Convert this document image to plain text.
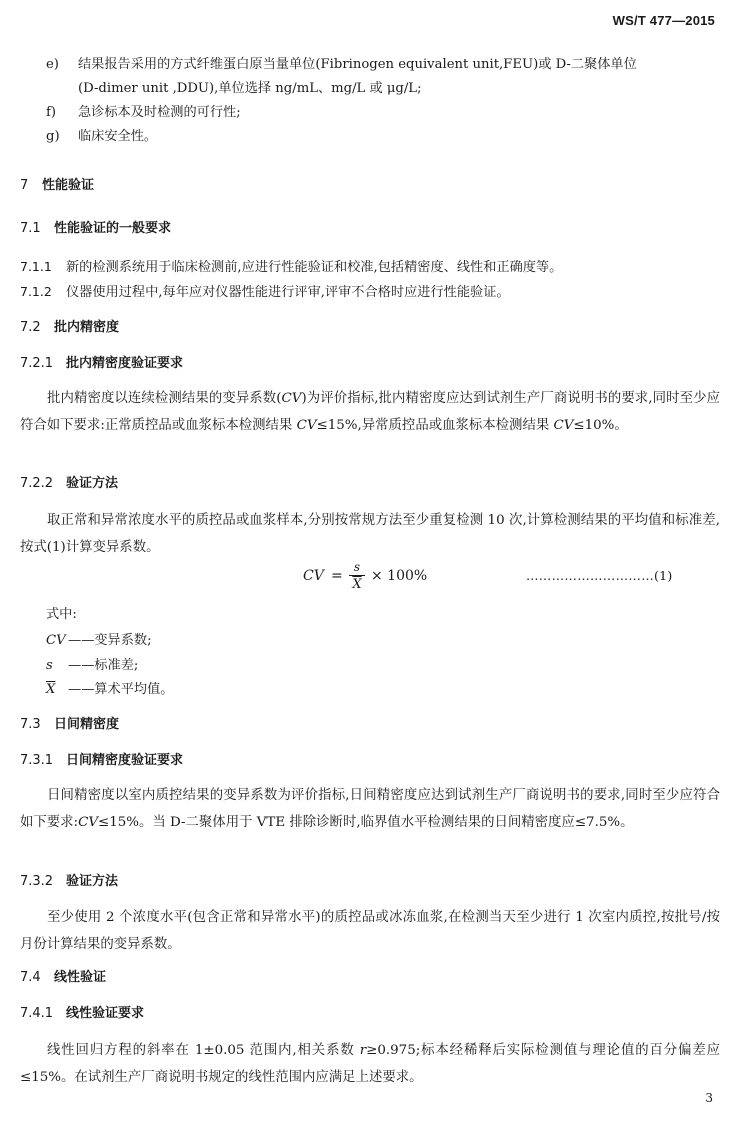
WS/T 477—2015
e) 结果报告采用的方式纤维蛋白原当量单位(Fibrinogen equivalent unit,FEU)或 D-二聚体单位
(D-dimer unit ,DDU),单位选择 ng/mL、mg/L 或 μg/L;
f) 急诊标本及时检测的可行性;
g) 临床安全性。
7 性能验证
7.1 性能验证的一般要求
7.1.1 新的检测系统用于临床检测前,应进行性能验证和校准,包括精密度、线性和正确度等。
7.1.2 仪器使用过程中,每年应对仪器性能进行评审,评审不合格时应进行性能验证。
7.2 批内精密度
7.2.1 批内精密度验证要求

批内精密度以连续检测结果的变异系数(CV)为评价指标,批内精密度应达到试剂生产厂商说明书的要求,同时至少应符合如下要求:正常质控品或血浆标本检测结果 CV≤15%,异常质控品或血浆标本检测结果 CV≤10%。

7.2.2 验证方法

取正常和异常浓度水平的质控品或血浆样本,分别按常规方法至少重复检测 10 次,计算检测结果的平均值和标准差,按式(1)计算变异系数。

CV = $\frac{s}{X} \times 100\%$	…………………………(1)
式中:
CV ——变异系数;
s ——标准差;
$\overline{X}$ ——算术平均值。
7.3 日间精密度
7.3.1 日间精密度验证要求

日间精密度以室内质控结果的变异系数为评价指标,日间精密度应达到试剂生产厂商说明书的要求,同时至少应符合如下要求:CV≤15%。当 D-二聚体用于 VTE 排除诊断时,临界值水平检测结果的日间精密度应≤7.5%。

7.3.2 验证方法

至少使用 2 个浓度水平(包含正常和异常水平)的质控品或冰冻血浆,在检测当天至少进行 1 次室内质控,按批号/按月份计算结果的变异系数。

7.4 线性验证
7.4.1 线性验证要求

线性回归方程的斜率在 1±0.05 范围内,相关系数 r≥0.975;标本经稀释后实际检测值与理论值的百分偏差应≤15%。在试剂生产厂商说明书规定的线性范围内应满足上述要求。

3
